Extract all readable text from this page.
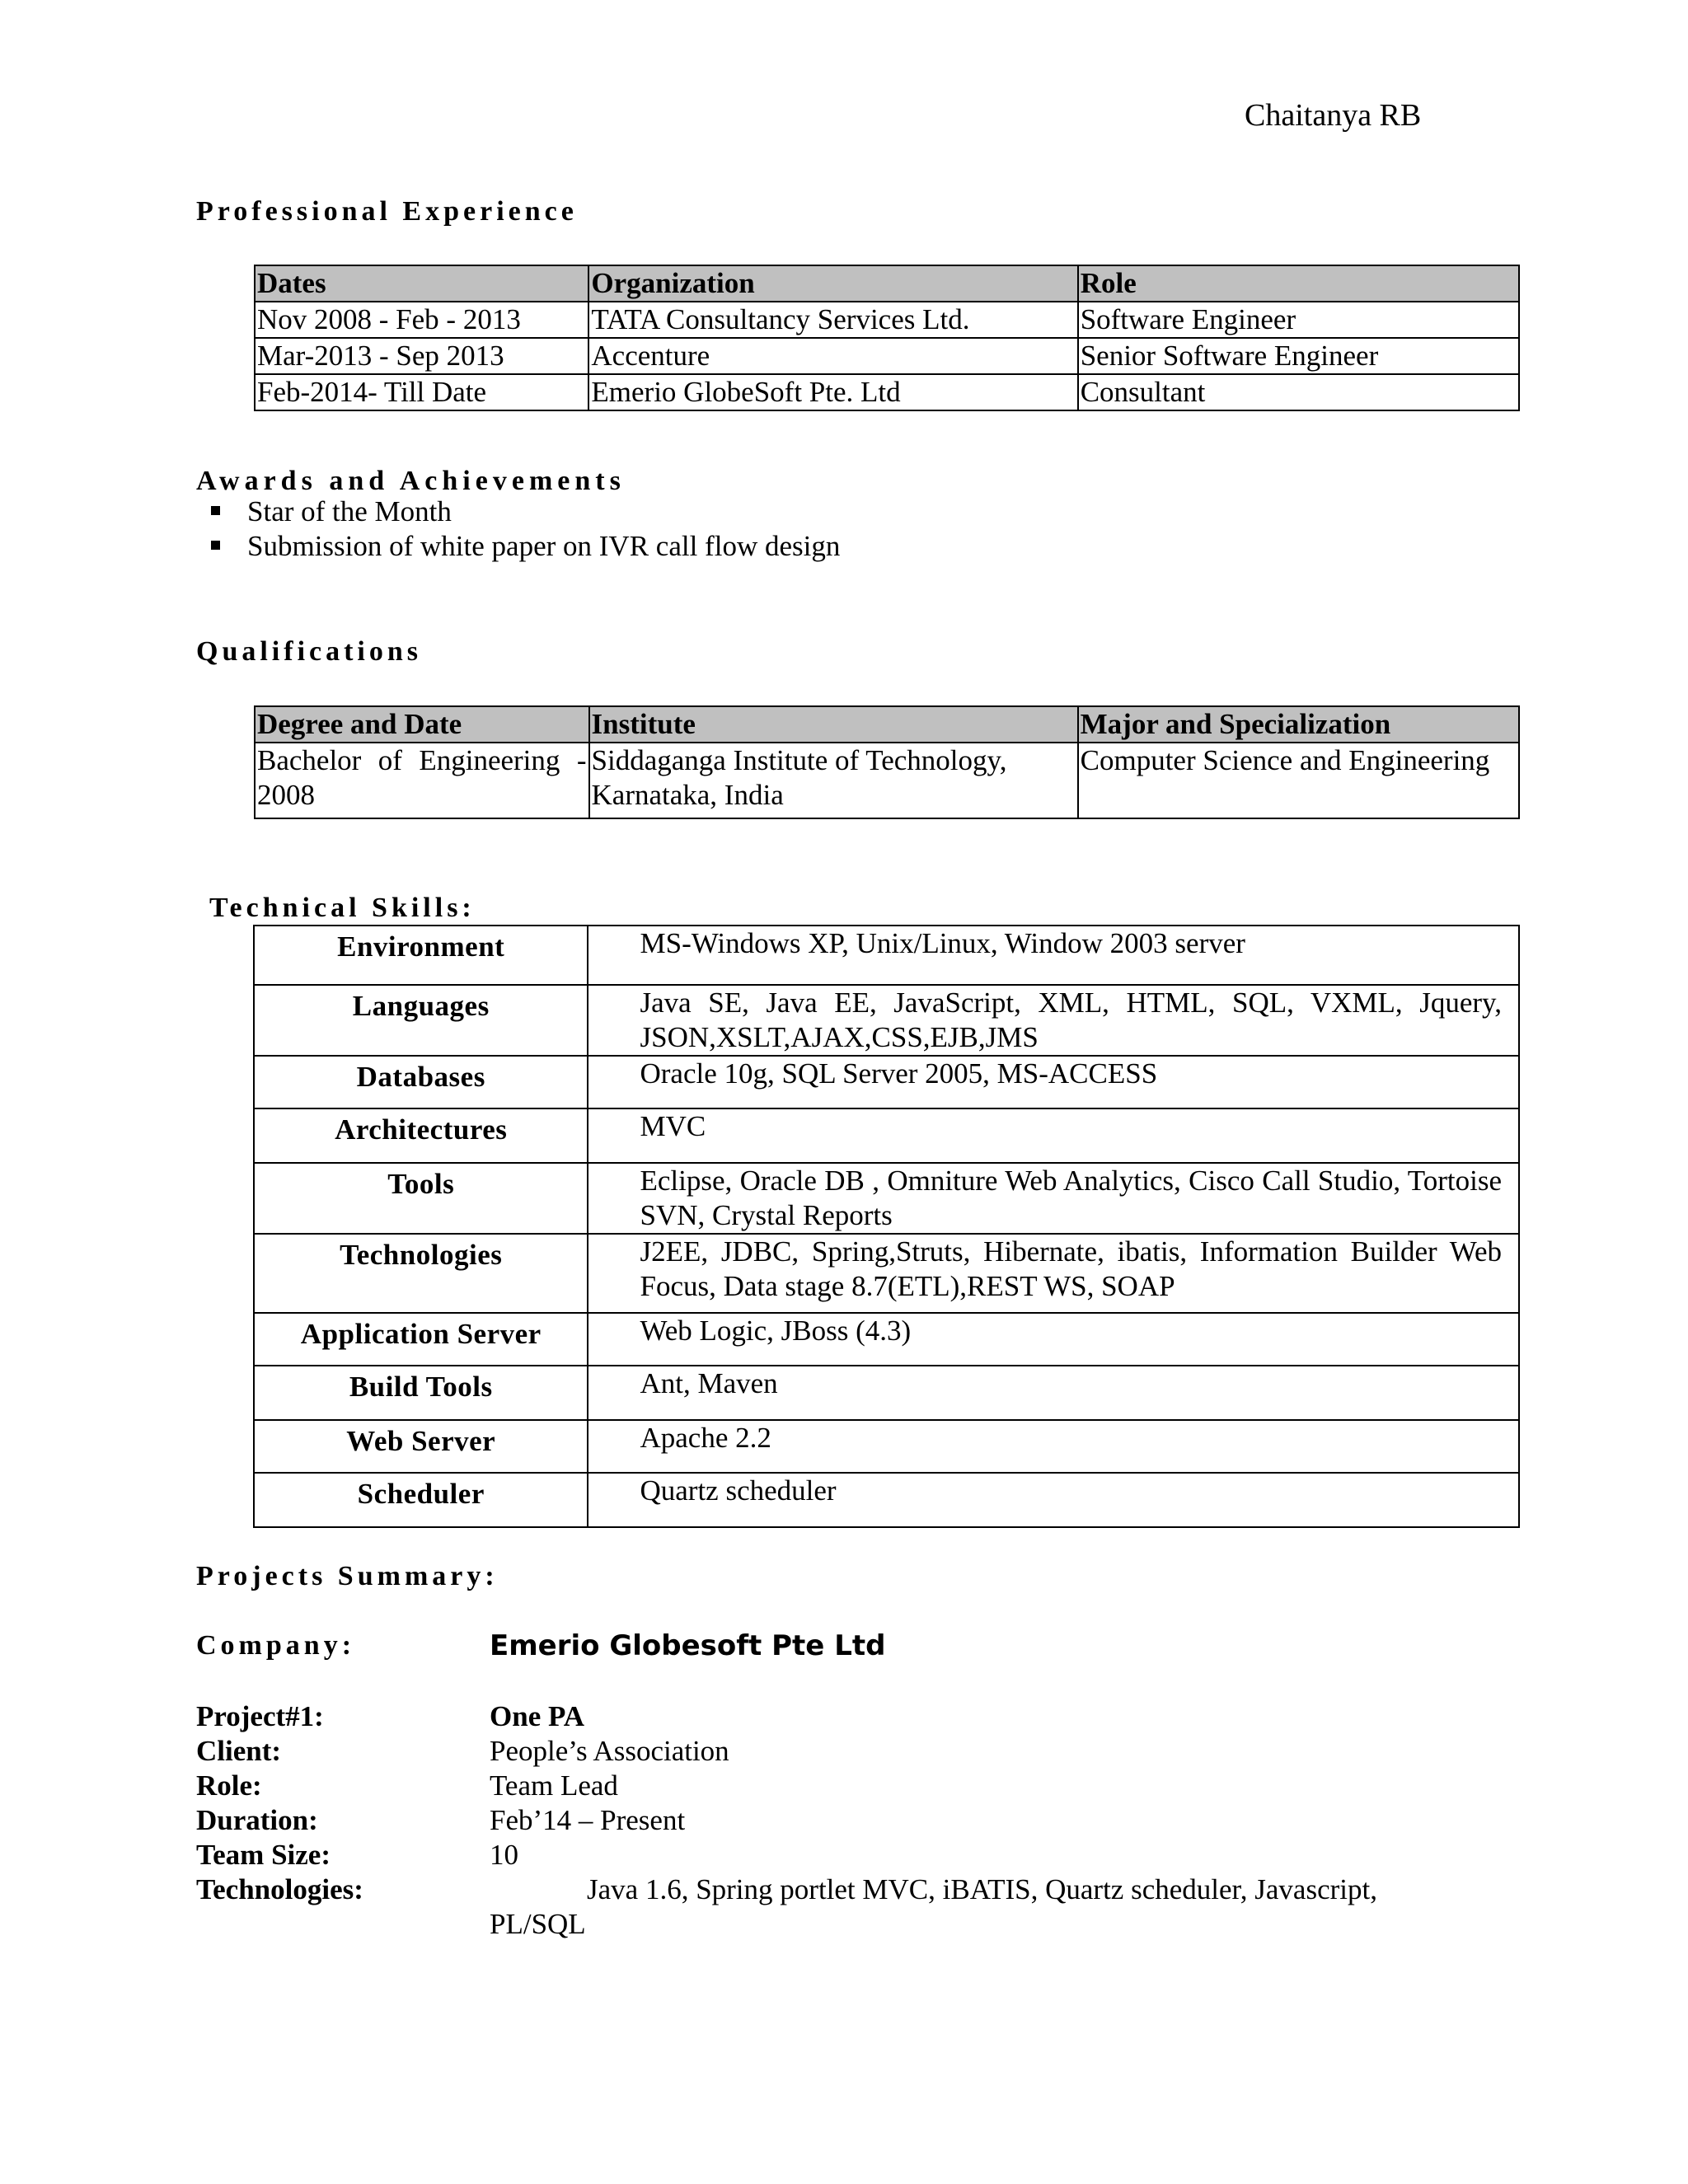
Chaitanya RB
Professional Experience
Dates	Organization	Role
Nov 2008 - Feb - 2013	TATA Consultancy Services Ltd.	Software Engineer
Mar-2013 - Sep 2013	Accenture	Senior Software Engineer
Feb-2014- Till Date	Emerio GlobeSoft Pte. Ltd	Consultant
Awards and Achievements
Star of the Month
Submission of white paper on IVR call flow design
Qualifications
Degree and Date	Institute	Major and Specialization
Bachelor of Engineering - 2008	Siddaganga Institute of Technology, Karnataka, India	Computer Science and Engineering
Technical Skills:
Environment	MS-Windows XP, Unix/Linux, Window 2003 server
Languages	Java SE, Java EE, JavaScript, XML, HTML, SQL, VXML, Jquery, JSON,XSLT,AJAX,CSS,EJB,JMS
Databases	Oracle 10g, SQL Server 2005, MS-ACCESS
Architectures	MVC
Tools	Eclipse, Oracle DB , Omniture Web Analytics, Cisco Call Studio, Tortoise SVN, Crystal Reports
Technologies	J2EE, JDBC, Spring,Struts, Hibernate, ibatis, Information Builder Web Focus, Data stage 8.7(ETL),REST WS, SOAP
Application Server	Web Logic, JBoss (4.3)
Build Tools	Ant, Maven
Web Server	Apache 2.2
Scheduler	Quartz scheduler
Projects Summary:
Company:	Emerio Globesoft Pte Ltd
Project#1:	One PA
Client:	People’s Association
Role:	Team Lead
Duration:	Feb’14 – Present
Team Size:	10
Technologies:	Java 1.6, Spring portlet MVC, iBATIS, Quartz scheduler, Javascript,
PL/SQL
